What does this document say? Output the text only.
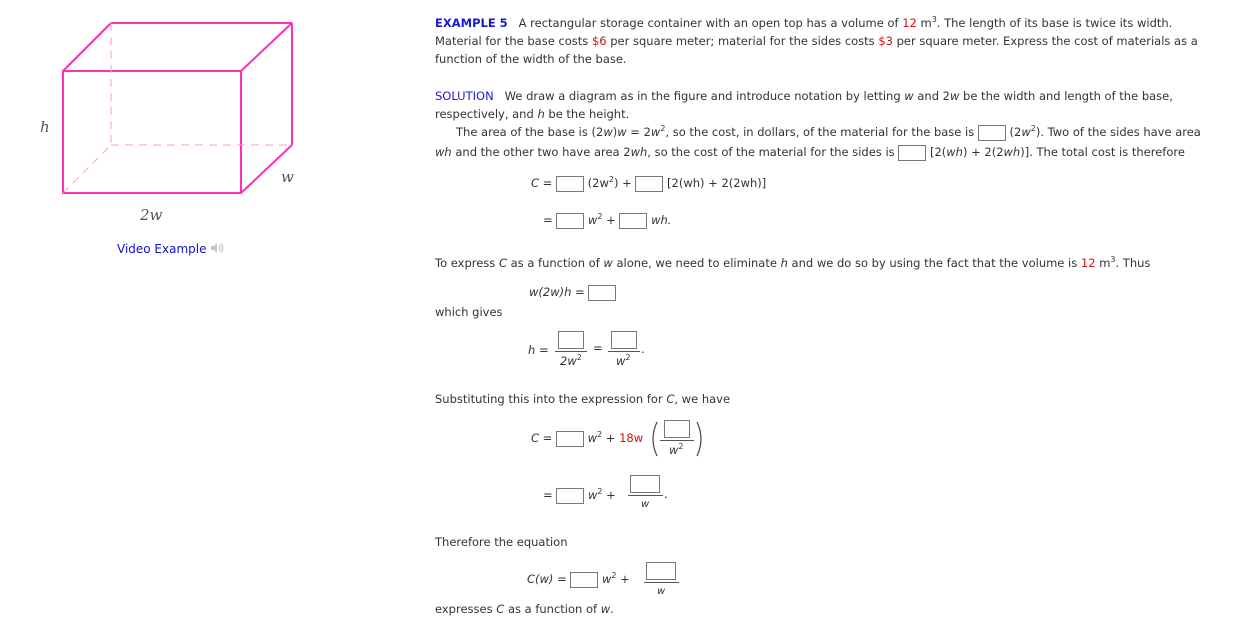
h
2w
w
Video Example
EXAMPLE 5 A rectangular storage container with an open top has a volume of 12 $m^3$. The length of its base is twice its width.
Material for the base costs $6 per square meter; material for the sides costs $3 per square meter. Express the cost of materials as a
function of the width of the base.
SOLUTION We draw a diagram as in the figure and introduce notation by letting w and 2w be the width and length of the base,
respectively, and h be the height.
The area of the base is $(2w)w = 2w^2$, so the cost, in dollars, of the material for the base is	$(2w^2)$. Two of the sides have area
wh and the other two have area 2wh, so the cost of the material for the sides is	[2(wh) + 2(2wh)]. The total cost is therefore
C =	$(2w^2)$ +	[2(wh) + 2(2wh)]
=	$w^2$ +	wh.
To express C as a function of w alone, we need to eliminate h and we do so by using the fact that the volume is 12 $m^3$. Thus
w(2w)h =
which gives
h =
$2w^2$
=
$w^2$
.
Substituting this into the expression for C, we have
C =	$w^2 + 18w$
$w^2$
=	$w^2$ +
w
.
Therefore the equation
C(w) =	$w^2$ +
w
expresses C as a function of w.
